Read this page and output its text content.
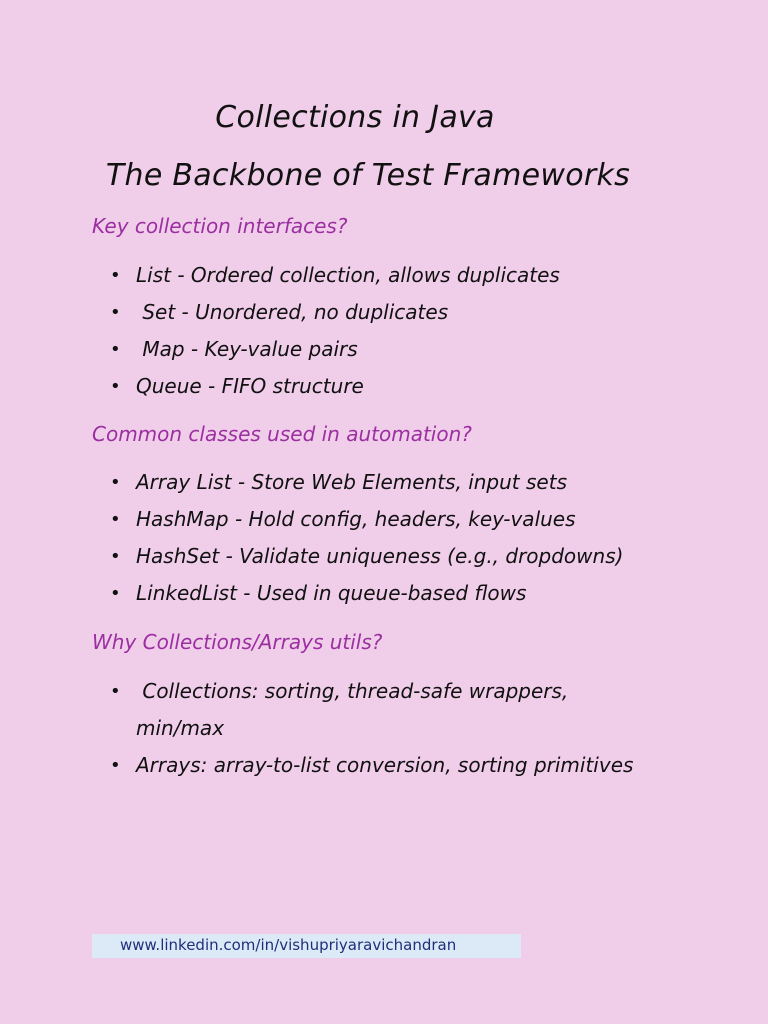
Collections in Java
The Backbone of Test Frameworks

Key collection interfaces?

• List - Ordered collection, allows duplicates
• Set - Unordered, no duplicates
• Map - Key-value pairs
• Queue - FIFO structure

Common classes used in automation?

• Array List - Store Web Elements, input sets
• HashMap - Hold config, headers, key-values
• HashSet - Validate uniqueness (e.g., dropdowns)
• LinkedList - Used in queue-based flows

Why Collections/Arrays utils?

• Collections: sorting, thread-safe wrappers, min/max
• Arrays: array-to-list conversion, sorting primitives
www.linkedin.com/in/vishupriyaravichandran
